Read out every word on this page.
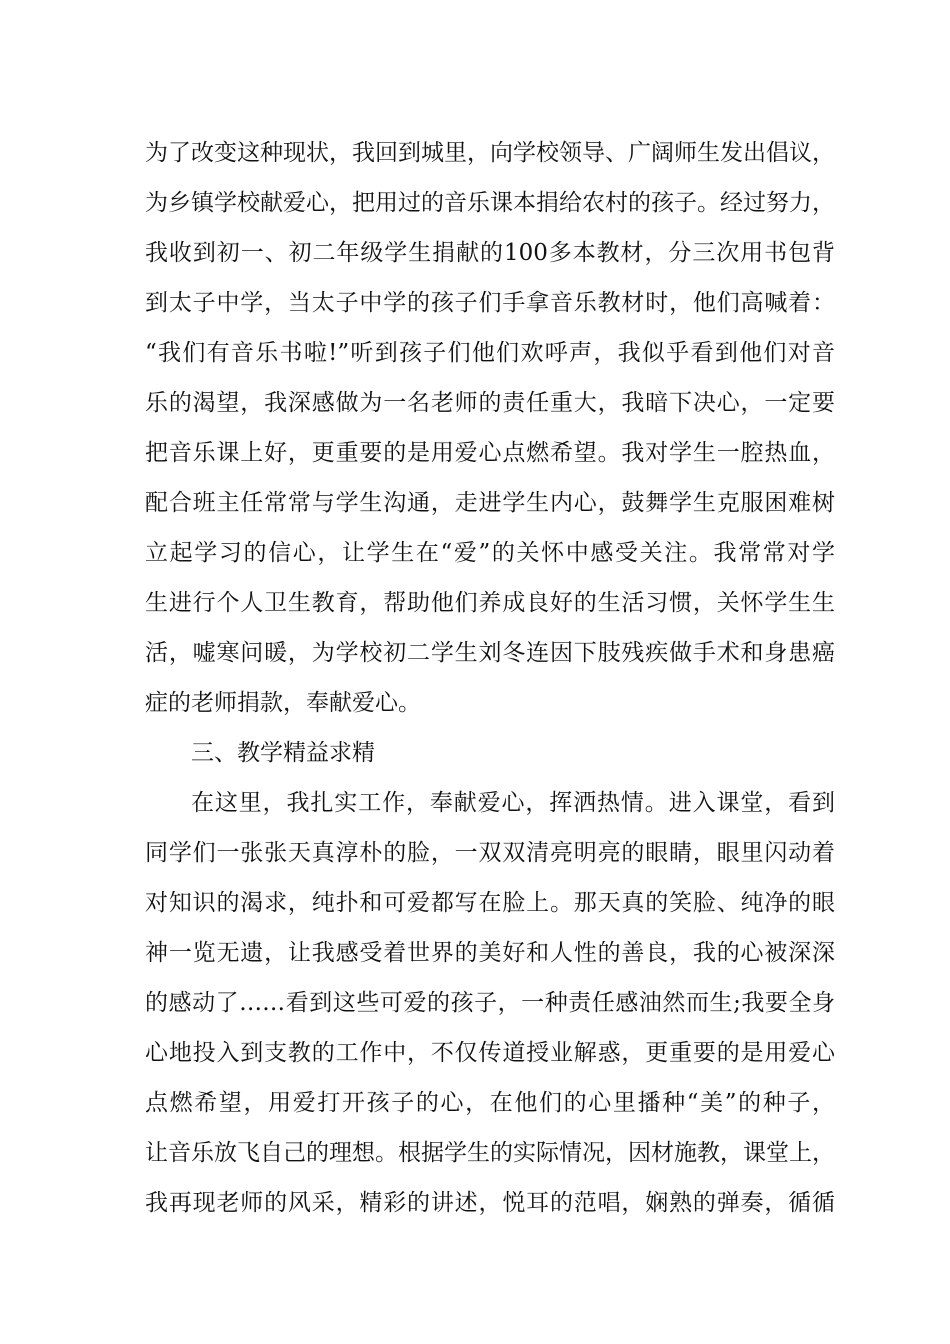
为了改变这种现状，我回到城里，向学校领导、广阔师生发出倡议，
为乡镇学校献爱心，把用过的音乐课本捐给农村的孩子。经过努力，
我收到初一、初二年级学生捐献的100多本教材，分三次用书包背
到太子中学，当太子中学的孩子们手拿音乐教材时，他们高喊着：
“我们有音乐书啦!”听到孩子们他们欢呼声，我似乎看到他们对音
乐的渴望，我深感做为一名老师的责任重大，我暗下决心，一定要
把音乐课上好，更重要的是用爱心点燃希望。我对学生一腔热血，
配合班主任常常与学生沟通，走进学生内心，鼓舞学生克服困难树
立起学习的信心，让学生在“爱”的关怀中感受关注。我常常对学
生进行个人卫生教育，帮助他们养成良好的生活习惯，关怀学生生
活，嘘寒问暖，为学校初二学生刘冬连因下肢残疾做手术和身患癌
症的老师捐款，奉献爱心。
三、教学精益求精
在这里，我扎实工作，奉献爱心，挥洒热情。进入课堂，看到
同学们一张张天真淳朴的脸，一双双清亮明亮的眼睛，眼里闪动着
对知识的渴求，纯扑和可爱都写在脸上。那天真的笑脸、纯净的眼
神一览无遗，让我感受着世界的美好和人性的善良，我的心被深深
的感动了……看到这些可爱的孩子，一种责任感油然而生;我要全身
心地投入到支教的工作中，不仅传道授业解惑，更重要的是用爱心
点燃希望，用爱打开孩子的心，在他们的心里播种“美”的种子，
让音乐放飞自己的理想。根据学生的实际情况，因材施教，课堂上，
我再现老师的风采，精彩的讲述，悦耳的范唱，娴熟的弹奏，循循
